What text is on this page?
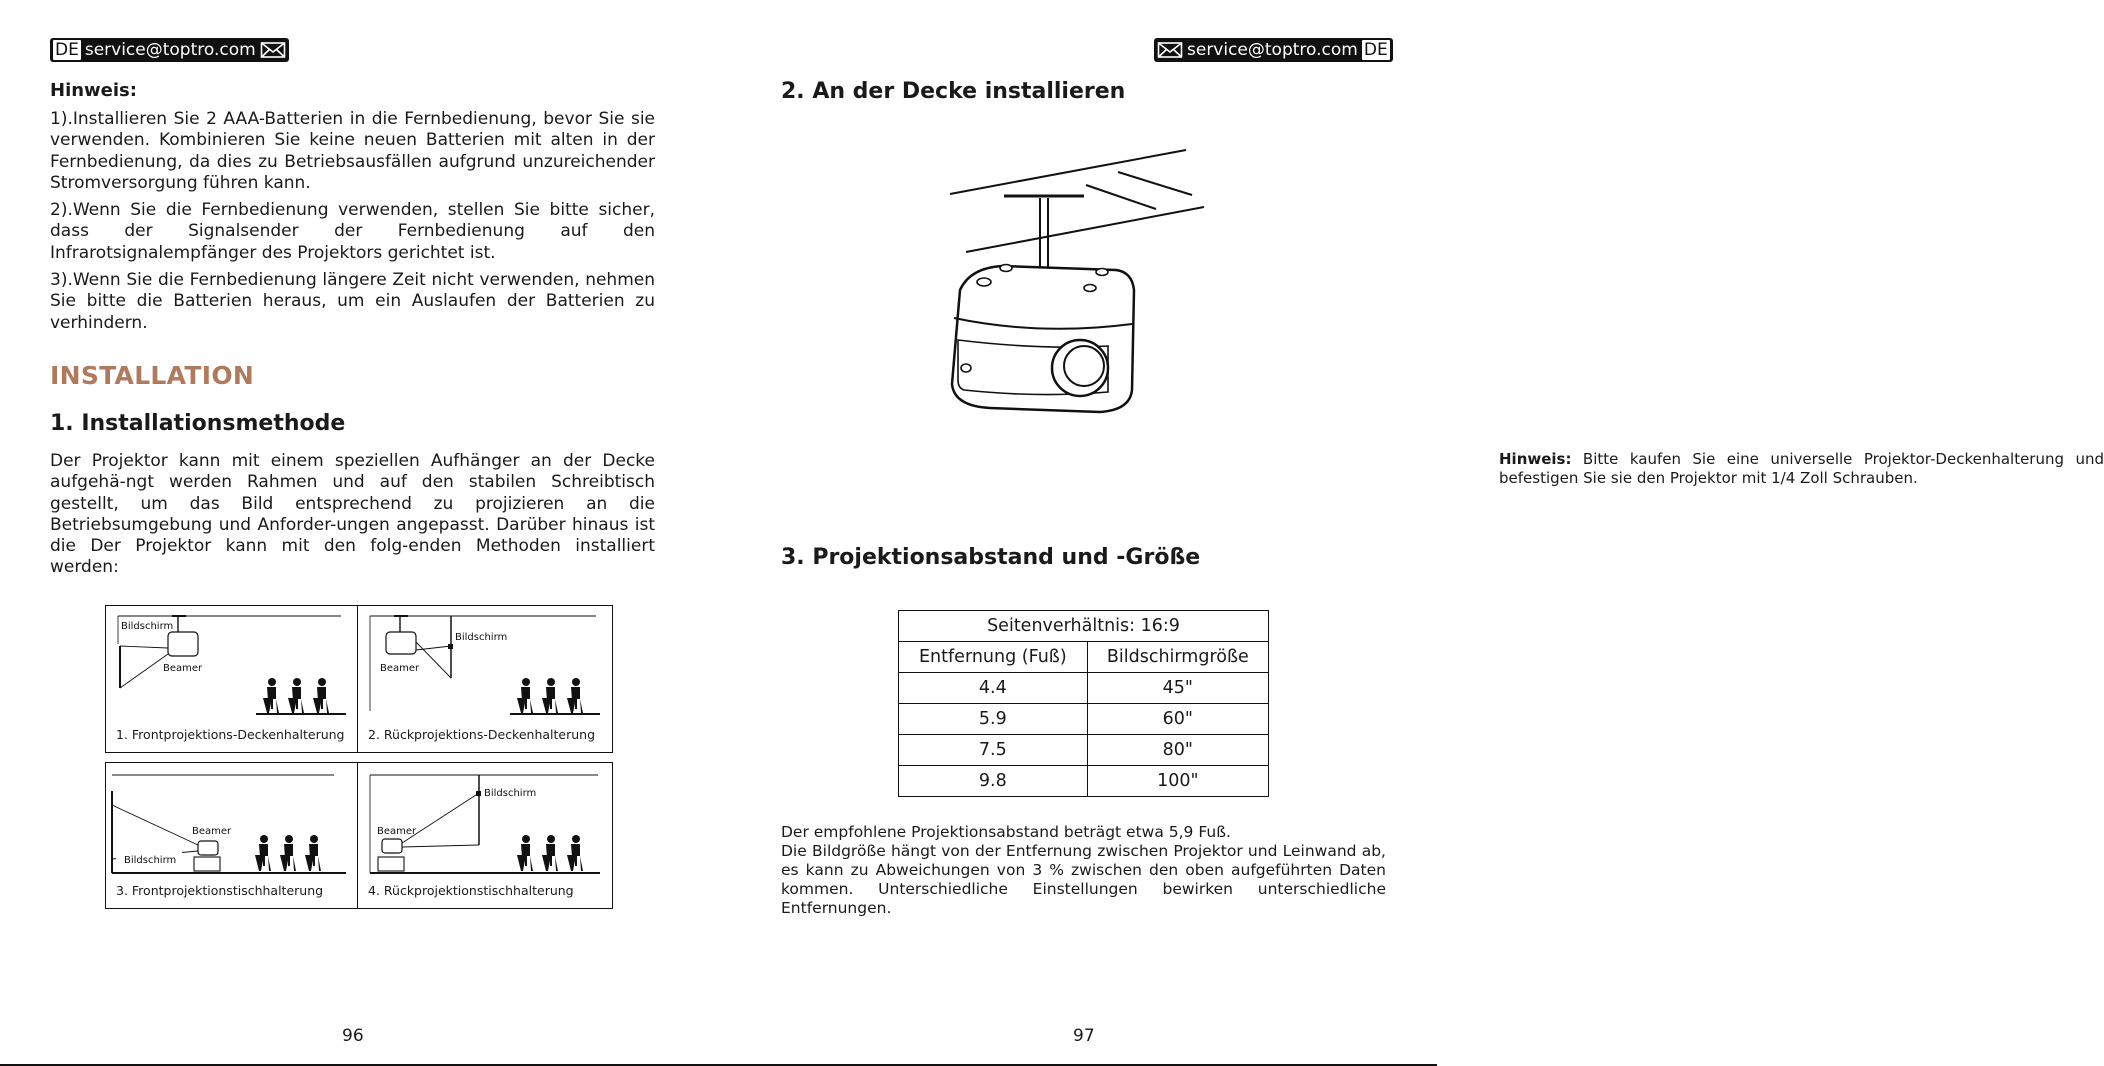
DE service@toptro.com
Hinweis:

1).Installieren Sie 2 AAA-Batterien in die Fernbedienung, bevor Sie sie verwenden. Kombinieren Sie keine neuen Batterien mit alten in der Fernbedienung, da dies zu Betriebsausfällen aufgrund unzureichender Stromversorgung führen kann.

2).Wenn Sie die Fernbedienung verwenden, stellen Sie bitte sicher, dass der Signalsender der Fernbedienung auf den Infrarotsignalempfänger des Projektors gerichtet ist.

3).Wenn Sie die Fernbedienung längere Zeit nicht verwenden, nehmen Sie bitte die Batterien heraus, um ein Auslaufen der Batterien zu verhindern.

INSTALLATION
1. Installationsmethode

Der Projektor kann mit einem speziellen Aufhänger an der Decke aufgehä-ngt werden Rahmen und auf den stabilen Schreibtisch gestellt, um das Bild entsprechend zu projizieren an die Betriebsumgebung und Anforder-ungen angepasst. Darüber hinaus ist die Der Projektor kann mit den folg-enden Methoden installiert werden:

Bildschirm
Beamer
1. Frontprojektions-Deckenhalterung
Bildschirm
Beamer
2. Rückprojektions-Deckenhalterung
Bildschirm
Beamer
3. Frontprojektionstischhalterung
Bildschirm
Beamer
4. Rückprojektionstischhalterung
96
service@toptro.com DE
2. An der Decke installieren

Hinweis: Bitte kaufen Sie eine universelle Projektor-Deckenhalterung und befestigen Sie sie den Projektor mit 1/4 Zoll Schrauben.

3. Projektionsabstand und -Größe
97
Seitenverhältnis: 16:9	
Entfernung (Fuß)	Bildschirmgröße
4.4	45"
5.9	60"
7.5	80"
9.8	100"

Der empfohlene Projektionsabstand beträgt etwa 5,9 Fuß.
Die Bildgröße hängt von der Entfernung zwischen Projektor und Leinwand ab, es kann zu Abweichungen von 3 % zwischen den oben aufgeführten Daten kommen. Unterschiedliche Einstellungen bewirken unterschiedliche Entfernungen.
